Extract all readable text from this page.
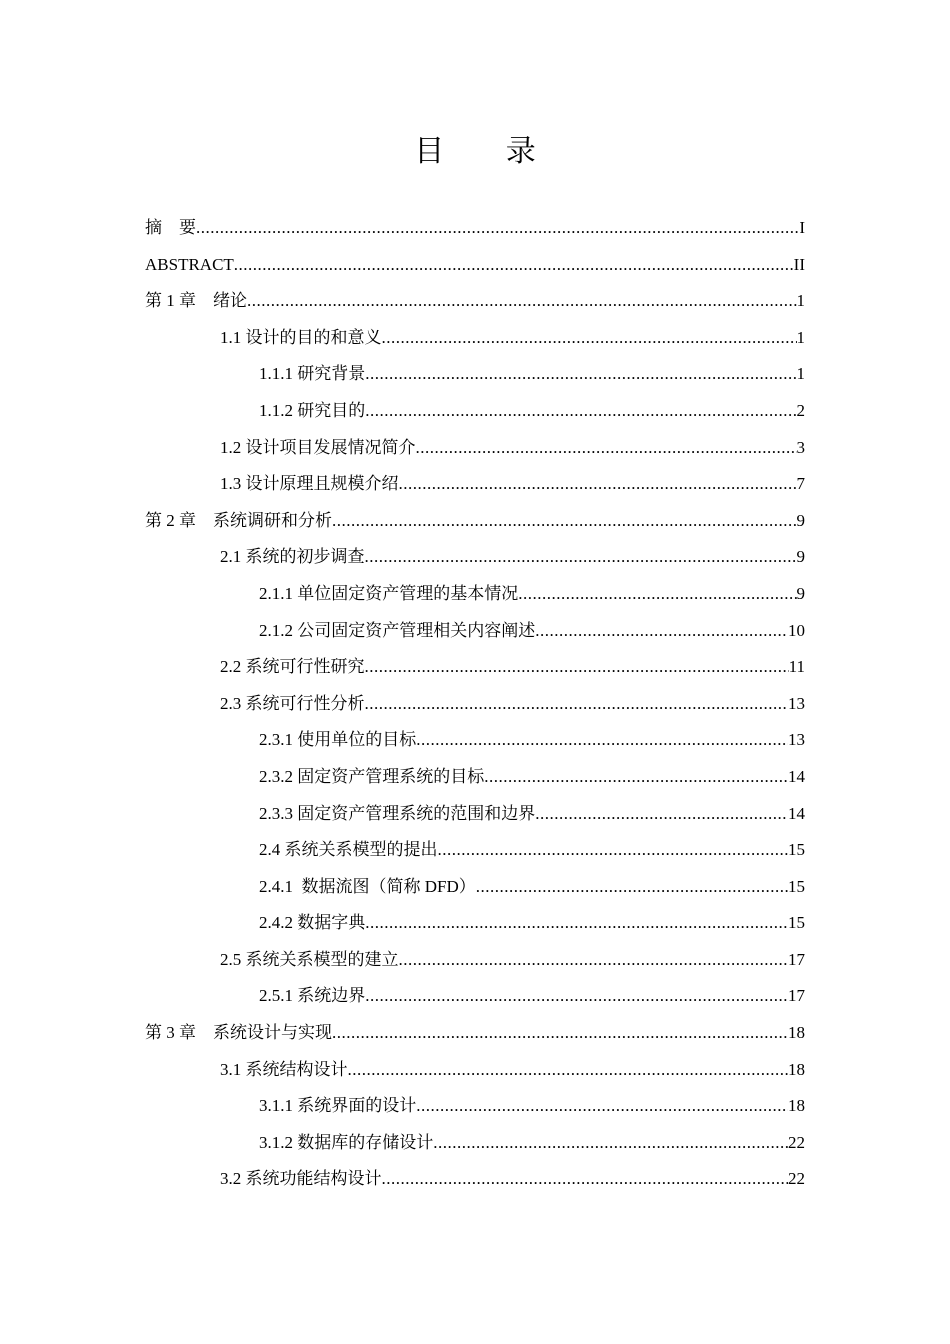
目 录
摘    要 .....	I
ABSTRACT .....	II
第 1 章    绪论 .....	1
1.1 设计的目的和意义 .....	1
1.1.1 研究背景 .....	1
1.1.2 研究目的 .....	2
1.2 设计项目发展情况简介 .....	3
1.3 设计原理且规模介绍 .....	7
第 2 章    系统调研和分析 .....	9
2.1 系统的初步调查 .....	9
2.1.1 单位固定资产管理的基本情况 .....	9
2.1.2 公司固定资产管理相关内容阐述 .....	10
2.2 系统可行性研究 .....	11
2.3 系统可行性分析 .....	13
2.3.1 使用单位的目标 .....	13
2.3.2 固定资产管理系统的目标 .....	14
2.3.3 固定资产管理系统的范围和边界 .....	14
2.4 系统关系模型的提出 .....	15
2.4.1  数据流图（简称 DFD） .....	15
2.4.2 数据字典 .....	15
2.5 系统关系模型的建立 .....	17
2.5.1 系统边界 .....	17
第 3 章    系统设计与实现 .....	18
3.1 系统结构设计 .....	18
3.1.1 系统界面的设计 .....	18
3.1.2 数据库的存储设计 .....	22
3.2 系统功能结构设计 .....	22
